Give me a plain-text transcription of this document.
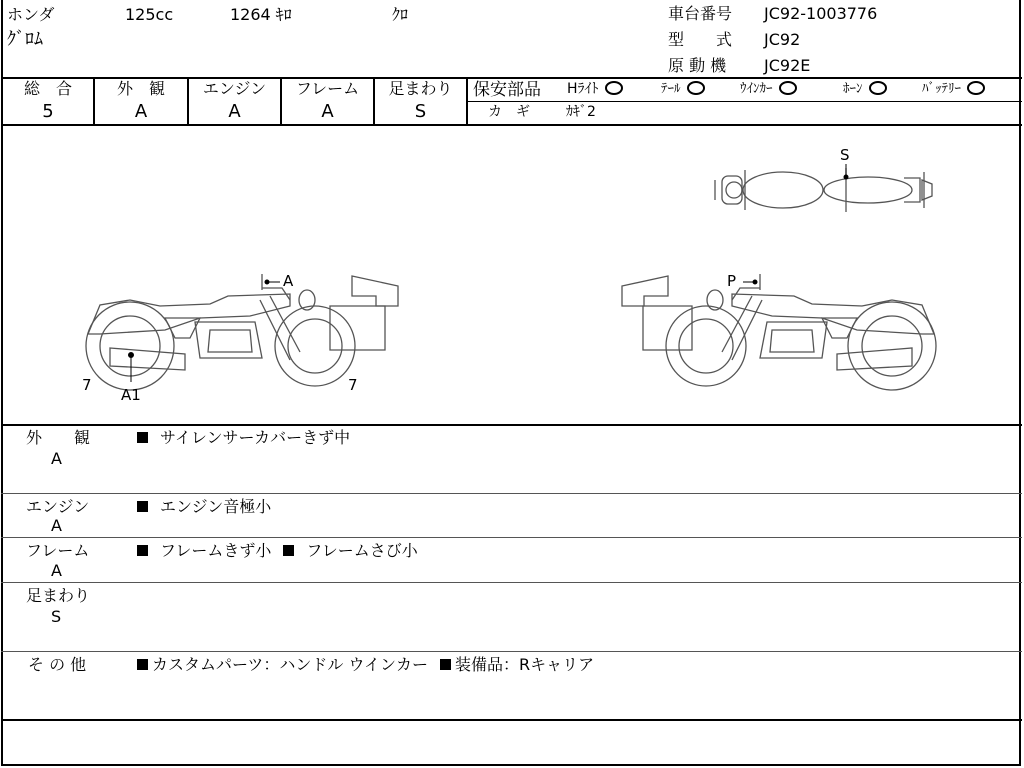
ホンダ	125cc	1264 ｷﾛ	ｸﾛ
ｸﾞﾛﾑ
車台番号 JC92-1003776
型　　式 JC92
原 動 機 JC92E
総　合
5
外　観
A
エンジン
A
フレーム
A
足まわり
S
保安部品 Hﾗｲﾄ	ﾃｰﾙ	ｳｲﾝｶｰ	ﾎｰﾝ	ﾊﾞｯﾃﾘｰ
カ　ギ	ｶｷﾞ2
A
A1
7	7
P
S
外　　観
A
サイレンサーカバーきず中
エンジン
A
エンジン音極小
フレーム
A
フレームきず小 フレームさび小
足まわり
S
そ の 他	カスタムパーツ：ハンドル ウインカー 装備品：Rキャリア
